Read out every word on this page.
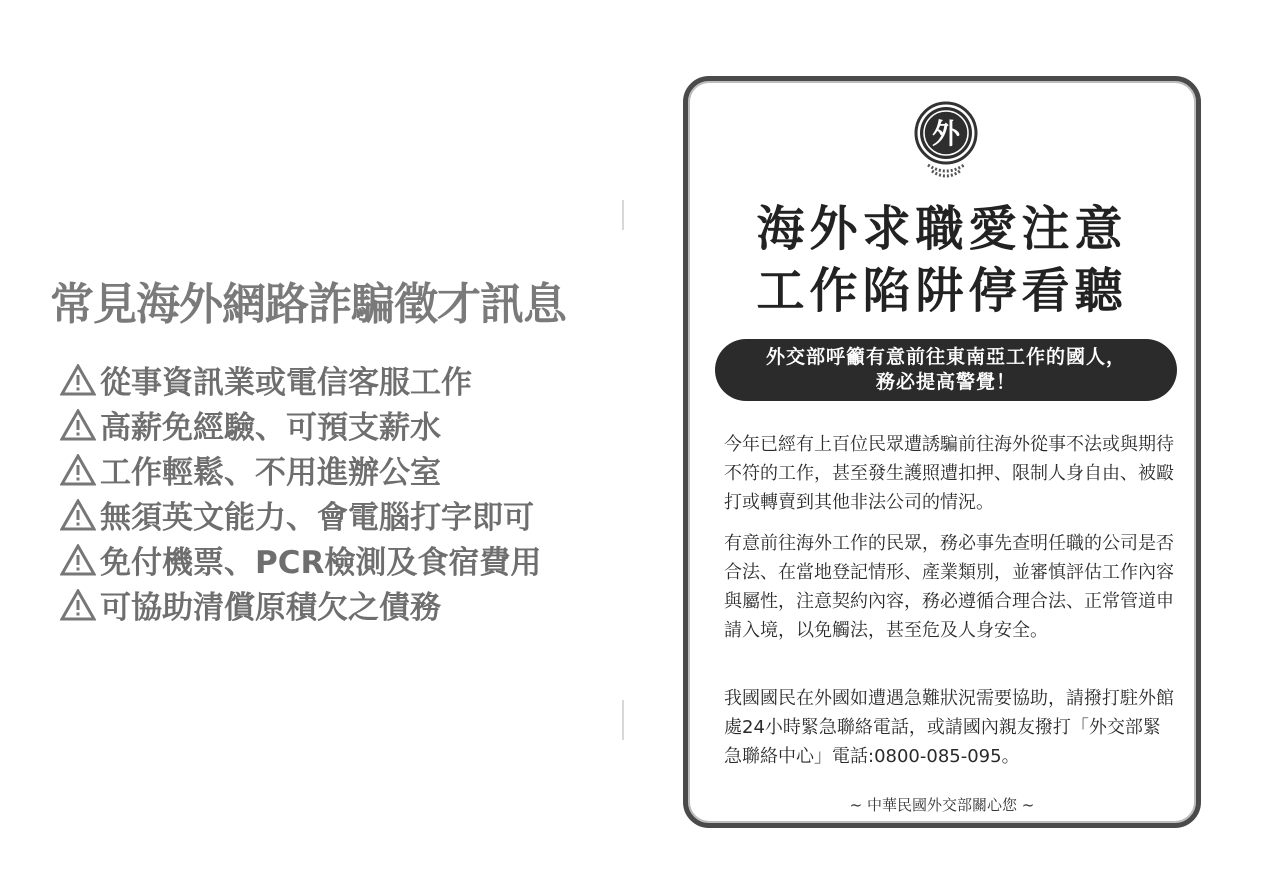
常見海外網路詐騙徵才訊息
從事資訊業或電信客服工作
高薪免經驗、可預支薪水
工作輕鬆、不用進辦公室
無須英文能力、會電腦打字即可
免付機票、PCR檢測及食宿費用
可協助清償原積欠之債務
外
海外求職愛注意
工作陷阱停看聽
外交部呼籲有意前往東南亞工作的國人，
務必提高警覺！

今年已經有上百位民眾遭誘騙前往海外從事不法或與期待不符的工作，甚至發生護照遭扣押、限制人身自由、被毆打或轉賣到其他非法公司的情況。

有意前往海外工作的民眾，務必事先查明任職的公司是否合法、在當地登記情形、產業類別，並審慎評估工作內容與屬性，注意契約內容，務必遵循合理合法、正常管道申請入境，以免觸法，甚至危及人身安全。

我國國民在外國如遭遇急難狀況需要協助，請撥打駐外館處24小時緊急聯絡電話，或請國內親友撥打「外交部緊急聯絡中心」電話:0800-085-095。

~ 中華民國外交部關心您 ~
